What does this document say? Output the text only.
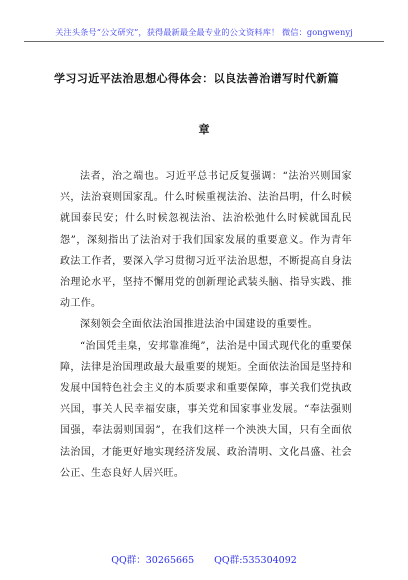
关注头条号“公文研究”，获得最新最全最专业的公文资料库！ 微信：gongwenyj
学习习近平法治思想心得体会：以良法善治谱写时代新篇
章

法者，治之端也。习近平总书记反复强调：“法治兴则国家兴，法治衰则国家乱。什么时候重视法治、法治昌明，什么时候就国泰民安；什么时候忽视法治、法治松弛什么时候就国乱民怨”，深刻指出了法治对于我们国家发展的重要意义。作为青年政法工作者，要深入学习贯彻习近平法治思想，不断提高自身法治理论水平，坚持不懈用党的创新理论武装头脑、指导实践、推动工作。

深刻领会全面依法治国推进法治中国建设的重要性。

“治国凭圭臬，安邦靠准绳”，法治是中国式现代化的重要保障，法律是治国理政最大最重要的规矩。全面依法治国是坚持和发展中国特色社会主义的本质要求和重要保障，事关我们党执政兴国，事关人民幸福安康，事关党和国家事业发展。“奉法强则国强，奉法弱则国弱”，在我们这样一个泱泱大国，只有全面依法治国，才能更好地实现经济发展、政治清明、文化昌盛、社会公正、生态良好人居兴旺。

QQ群：30265665 QQ群:535304092
